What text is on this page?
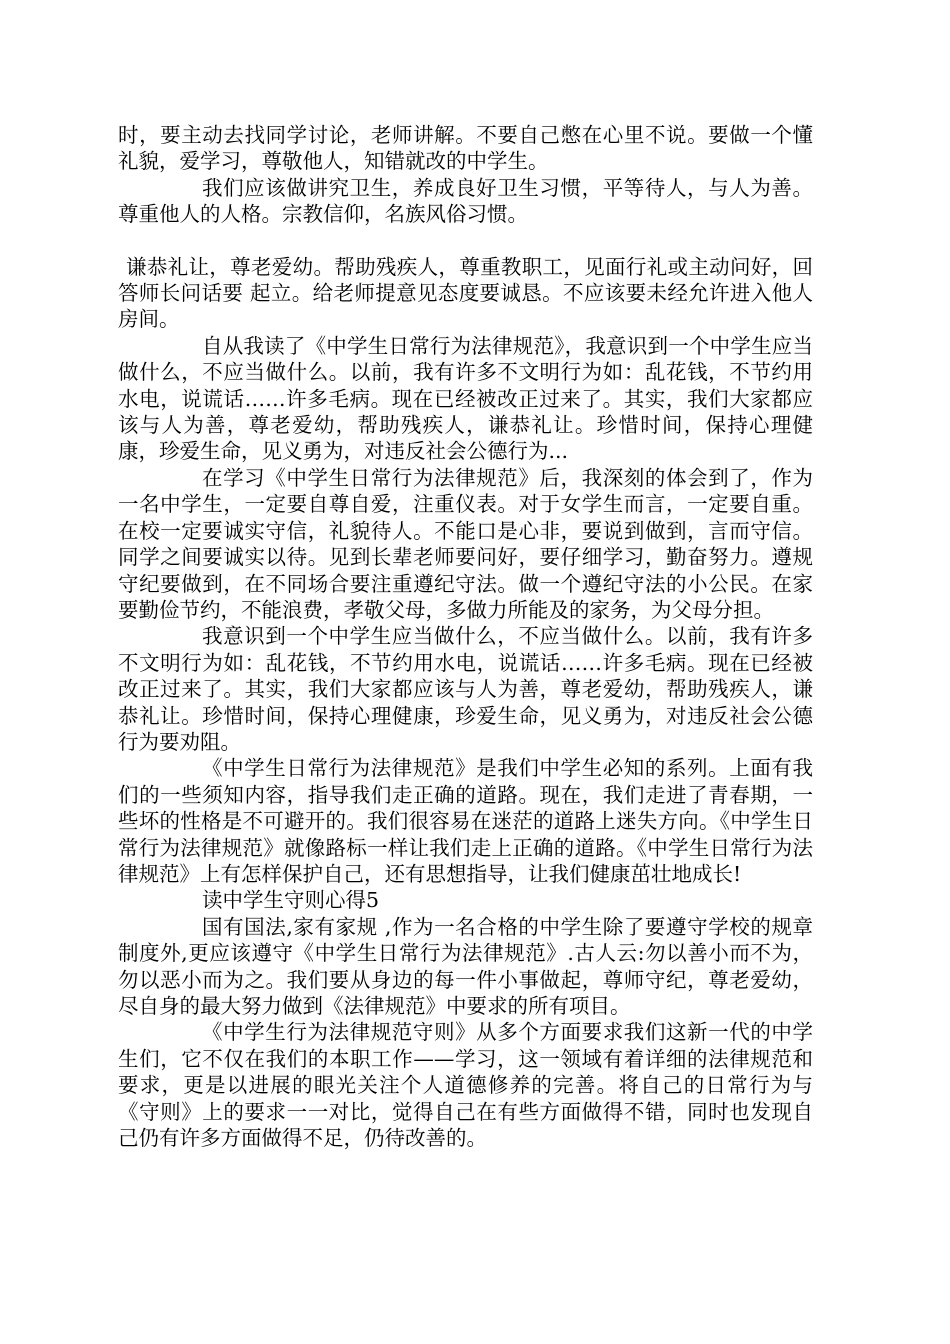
时，要主动去找同学讨论，老师讲解。不要自己憋在心里不说。要做一个懂礼貌，爱学习，尊敬他人，知错就改的中学生。

我们应该做讲究卫生，养成良好卫生习惯，平等待人，与人为善。尊重他人的人格。宗教信仰，名族风俗习惯。

谦恭礼让，尊老爱幼。帮助残疾人，尊重教职工，见面行礼或主动问好，回答师长问话要 起立。给老师提意见态度要诚恳。不应该要未经允许进入他人房间。

自从我读了《中学生日常行为法律规范》，我意识到一个中学生应当做什么，不应当做什么。以前，我有许多不文明行为如：乱花钱，不节约用水电，说谎话……许多毛病。现在已经被改正过来了。其实，我们大家都应该与人为善，尊老爱幼，帮助残疾人，谦恭礼让。珍惜时间，保持心理健康，珍爱生命，见义勇为，对违反社会公德行为...

在学习《中学生日常行为法律规范》后，我深刻的体会到了，作为一名中学生，一定要自尊自爱，注重仪表。对于女学生而言，一定要自重。在校一定要诚实守信，礼貌待人。不能口是心非，要说到做到，言而守信。同学之间要诚实以待。见到长辈老师要问好，要仔细学习，勤奋努力。遵规守纪要做到，在不同场合要注重遵纪守法。做一个遵纪守法的小公民。在家要勤俭节约，不能浪费，孝敬父母，多做力所能及的家务，为父母分担。

我意识到一个中学生应当做什么，不应当做什么。以前，我有许多不文明行为如：乱花钱，不节约用水电，说谎话……许多毛病。现在已经被改正过来了。其实，我们大家都应该与人为善，尊老爱幼，帮助残疾人，谦恭礼让。珍惜时间，保持心理健康，珍爱生命，见义勇为，对违反社会公德行为要劝阻。

《中学生日常行为法律规范》是我们中学生必知的系列。上面有我们的一些须知内容，指导我们走正确的道路。现在，我们走进了青春期，一些坏的性格是不可避开的。我们很容易在迷茫的道路上迷失方向。《中学生日常行为法律规范》就像路标一样让我们走上正确的道路。《中学生日常行为法律规范》上有怎样保护自己，还有思想指导，让我们健康茁壮地成长!

读中学生守则心得5

国有国法,家有家规 ,作为一名合格的中学生除了要遵守学校的规章制度外,更应该遵守《中学生日常行为法律规范》.古人云:勿以善小而不为，勿以恶小而为之。我们要从身边的每一件小事做起，尊师守纪，尊老爱幼，尽自身的最大努力做到《法律规范》中要求的所有项目。

《中学生行为法律规范守则》从多个方面要求我们这新一代的中学生们，它不仅在我们的本职工作——学习，这一领域有着详细的法律规范和要求，更是以进展的眼光关注个人道德修养的完善。将自己的日常行为与《守则》上的要求一一对比，觉得自己在有些方面做得不错，同时也发现自己仍有许多方面做得不足，仍待改善的。
